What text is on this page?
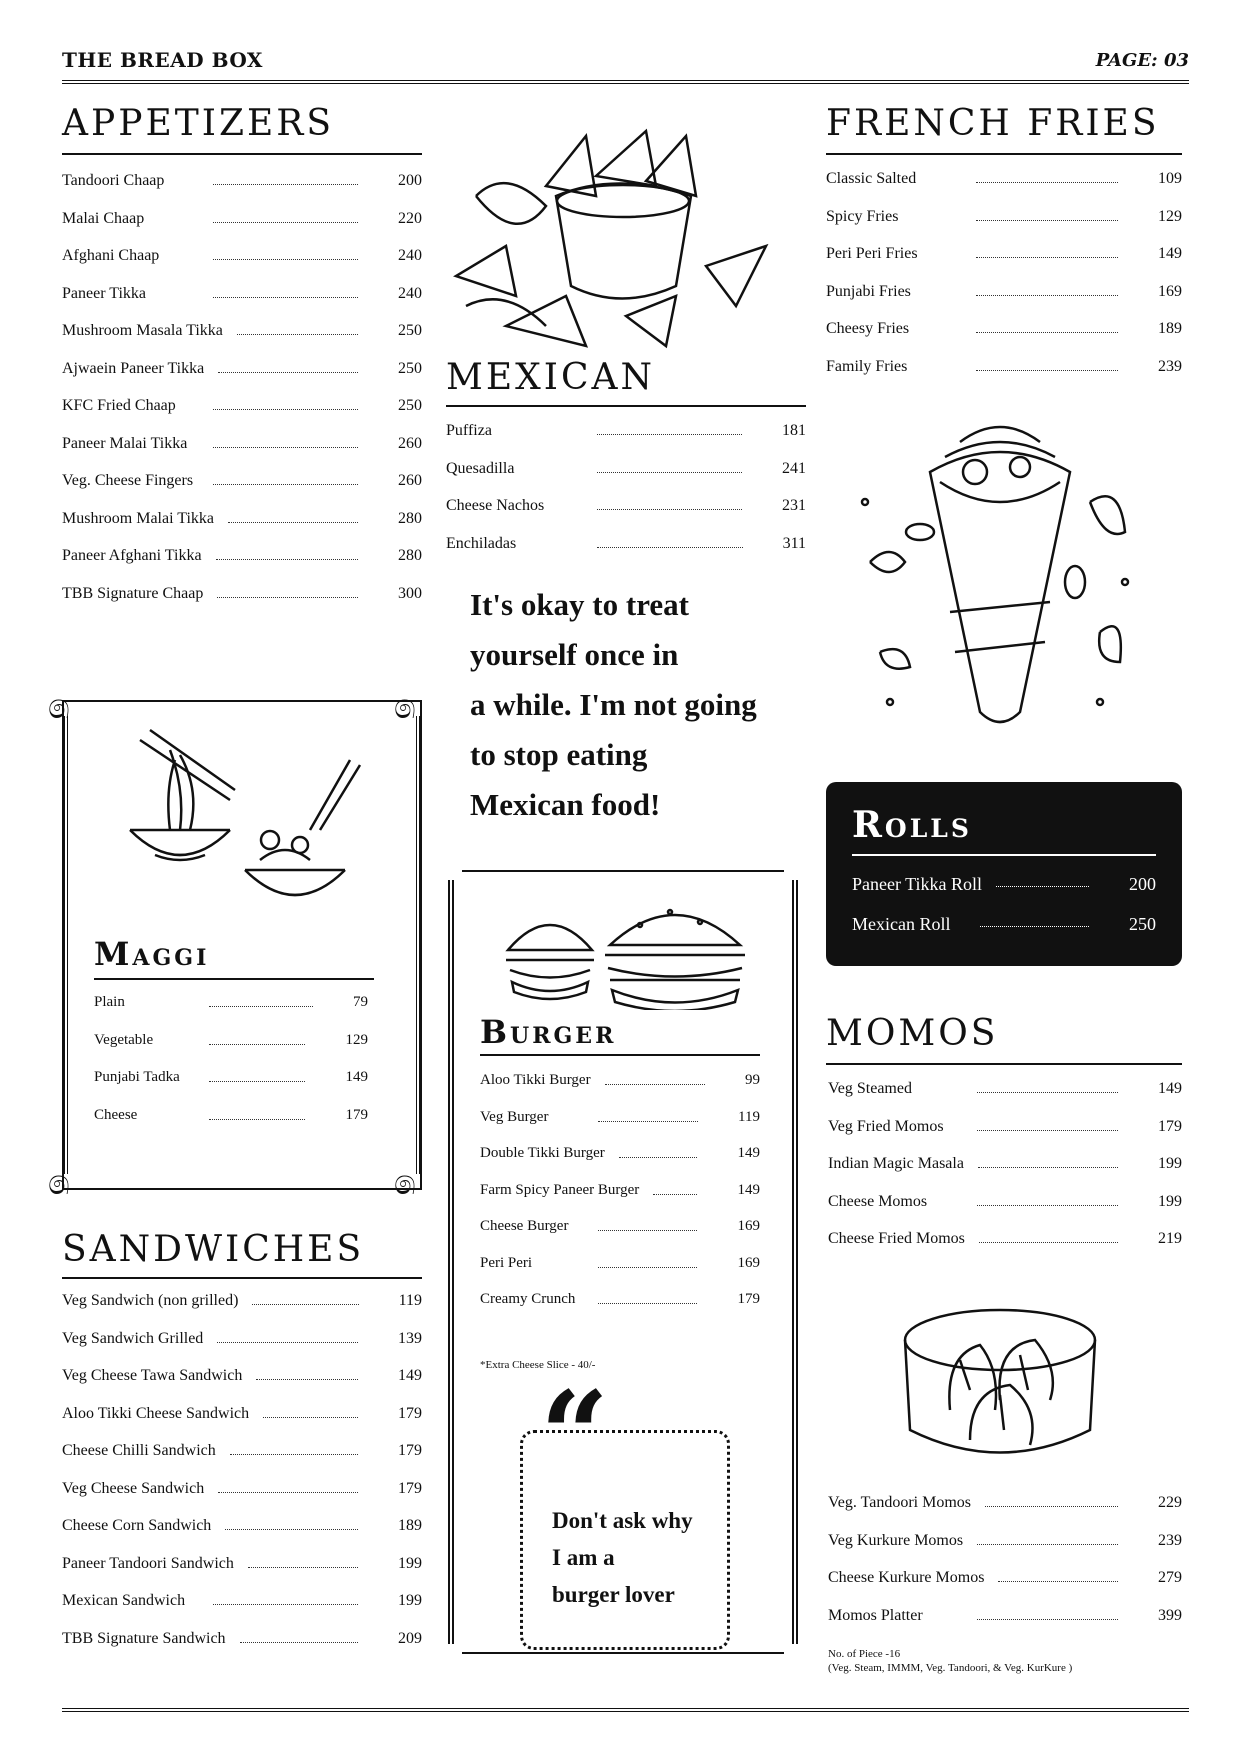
THE BREAD BOX	PAGE: 03
APPETIZERS
Tandoori Chaap	200
Malai Chaap	220
Afghani Chaap	240
Paneer Tikka	240
Mushroom Masala Tikka	250
Ajwaein Paneer Tikka	250
KFC Fried Chaap	250
Paneer Malai Tikka	260
Veg. Cheese Fingers	260
Mushroom Malai Tikka	280
Paneer Afghani Tikka	280
TBB Signature Chaap	300
෧	෧
෧	෧
Maggi
Plain	79
Vegetable	129
Punjabi Tadka	149
Cheese	179
SANDWICHES
Veg Sandwich (non grilled)	119
Veg Sandwich Grilled	139
Veg Cheese Tawa Sandwich	149
Aloo Tikki Cheese Sandwich	179
Cheese Chilli Sandwich	179
Veg Cheese Sandwich	179
Cheese Corn Sandwich	189
Paneer Tandoori Sandwich	199
Mexican Sandwich	199
TBB Signature Sandwich	209
MEXICAN
Puffiza	181
Quesadilla	241
Cheese Nachos	231
Enchiladas	311
It's okay to treat
yourself once in
a while. I'm not going
to stop eating
Mexican food!
Burger
Aloo Tikki Burger	99
Veg Burger	119
Double Tikki Burger	149
Farm Spicy Paneer Burger	149
Cheese Burger	169
Peri Peri	169
Creamy Crunch	179
*Extra Cheese Slice - 40/-
“
Don't ask why
I am a
burger lover
FRENCH FRIES
Classic Salted	109
Spicy Fries	129
Peri Peri Fries	149
Punjabi Fries	169
Cheesy Fries	189
Family Fries	239
Rolls
Paneer Tikka Roll	200
Mexican Roll	250
MOMOS
Veg Steamed	149
Veg Fried Momos	179
Indian Magic Masala	199
Cheese Momos	199
Cheese Fried Momos	219
Veg. Tandoori Momos	229
Veg Kurkure Momos	239
Cheese Kurkure Momos	279
Momos Platter	399
No. of Piece -16
(Veg. Steam, IMMM, Veg. Tandoori, & Veg. KurKure )
